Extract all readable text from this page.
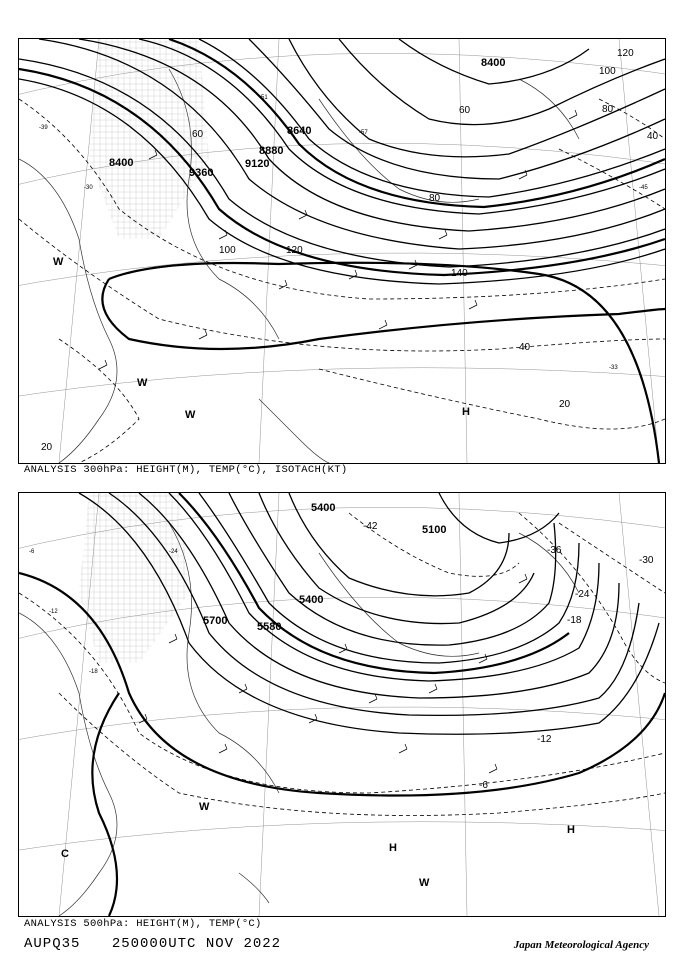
8400
8640
8880
9120
9360
8400
20
40
60
80
100	120
140
120
100
80
60
40
20
-30
-33
-39
-45
-51
-57
W
W
W	H
ANALYSIS 300hPa: HEIGHT(M), TEMP(°C), ISOTACH(KT)
5100
5400
5580
5700
5400
-42
-36
-30
-24
-18
-12
-6
-6
-12
-18
-24
H
H
W
W
C
ANALYSIS 500hPa: HEIGHT(M), TEMP(°C)
AUPQ35 250000UTC NOV 2022	Japan Meteorological Agency
